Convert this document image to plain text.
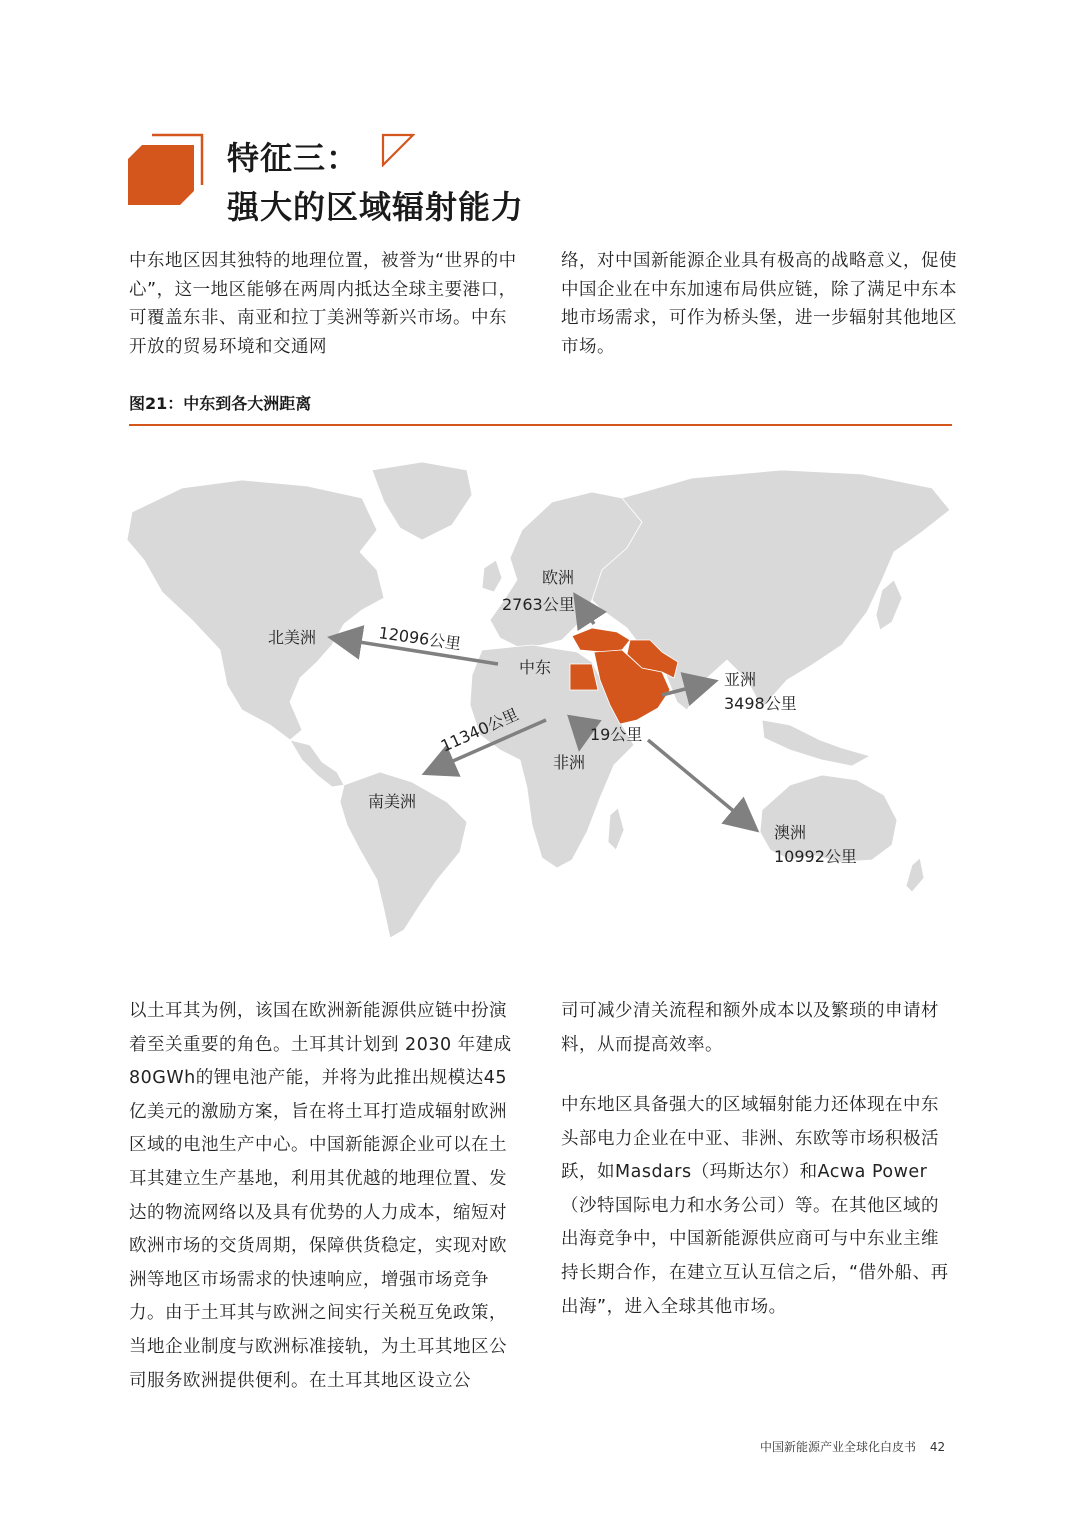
特征三：
强大的区域辐射能力
中东地区因其独特的地理位置，被誉为“世界的中心”，这一地区能够在两周内抵达全球主要港口，可覆盖东非、南亚和拉丁美洲等新兴市场。中东开放的贸易环境和交通网
络，对中国新能源企业具有极高的战略意义，促使中国企业在中东加速布局供应链，除了满足中东本地市场需求，可作为桥头堡，进一步辐射其他地区市场。
图21：中东到各大洲距离
北美洲	12096公里
中东
欧洲
2763公里
11340公里
南美洲
19公里
非洲
亚洲
3498公里
澳洲
10992公里
以土耳其为例，该国在欧洲新能源供应链中扮演着至关重要的角色。土耳其计划到 2030 年建成80GWh的锂电池产能，并将为此推出规模达45亿美元的激励方案，旨在将土耳打造成辐射欧洲区域的电池生产中心。中国新能源企业可以在土耳其建立生产基地，利用其优越的地理位置、发达的物流网络以及具有优势的人力成本，缩短对欧洲市场的交货周期，保障供货稳定，实现对欧洲等地区市场需求的快速响应，增强市场竞争力。由于土耳其与欧洲之间实行关税互免政策，当地企业制度与欧洲标准接轨，为土耳其地区公司服务欧洲提供便利。在土耳其地区设立公
司可减少清关流程和额外成本以及繁琐的申请材料，从而提高效率。
中东地区具备强大的区域辐射能力还体现在中东头部电力企业在中亚、非洲、东欧等市场积极活跃，如Masdars（玛斯达尔）和Acwa Power（沙特国际电力和水务公司）等。在其他区域的出海竞争中，中国新能源供应商可与中东业主维持长期合作，在建立互认互信之后，“借外船、再出海”，进入全球其他市场。
中国新能源产业全球化白皮书 42
